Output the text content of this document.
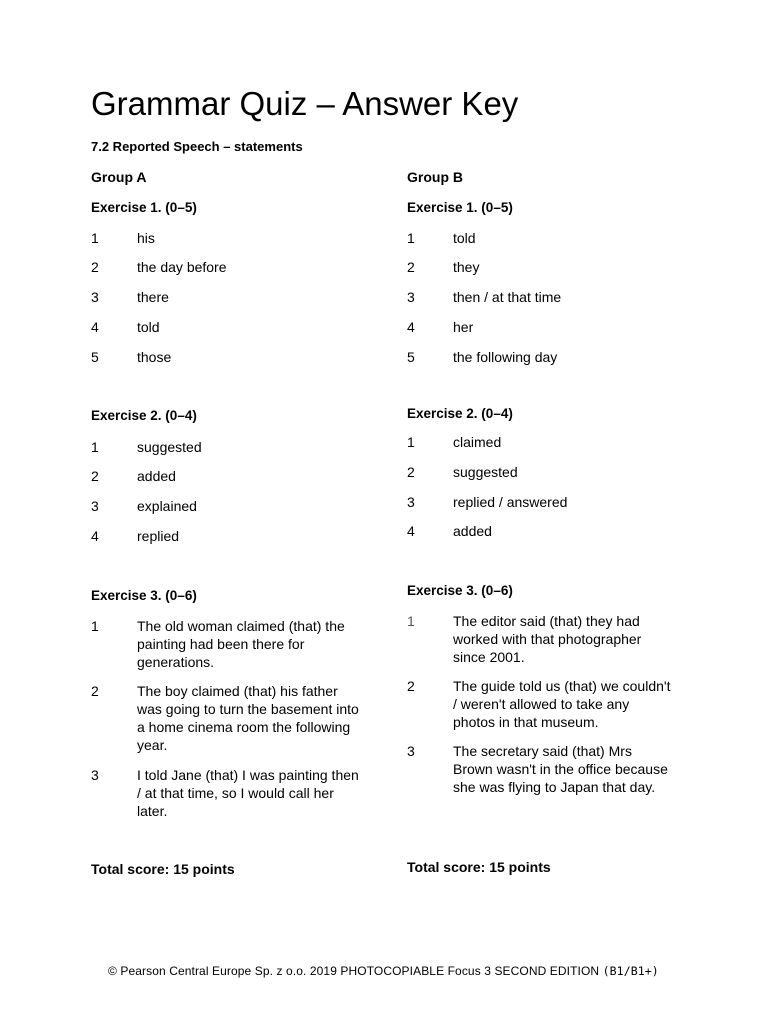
Grammar Quiz – Answer Key
7.2 Reported Speech – statements
Group A
Exercise 1. (0–5)
1	his
2	the day before
3	there
4	told
5	those
Exercise 2. (0–4)
1	suggested
2	added
3	explained
4	replied
Exercise 3. (0–6)
1	The old woman claimed (that) the painting had been there for generations.
2	The boy claimed (that) his father was going to turn the basement into a home cinema room the following year.
3	I told Jane (that) I was painting then / at that time, so I would call her later.
Total score: 15 points
Group B
Exercise 1. (0–5)
1	told
2	they
3	then / at that time
4	her
5	the following day
Exercise 2. (0–4)
1	claimed
2	suggested
3	replied / answered
4	added
Exercise 3. (0–6)
1	The editor said (that) they had worked with that photographer since 2001.
2	The guide told us (that) we couldn't / weren't allowed to take any photos in that museum.
3	The secretary said (that) Mrs Brown wasn't in the office because she was flying to Japan that day.
Total score: 15 points
© Pearson Central Europe Sp. z o.o. 2019 PHOTOCOPIABLE Focus 3 SECOND EDITION (B1/B1+)
